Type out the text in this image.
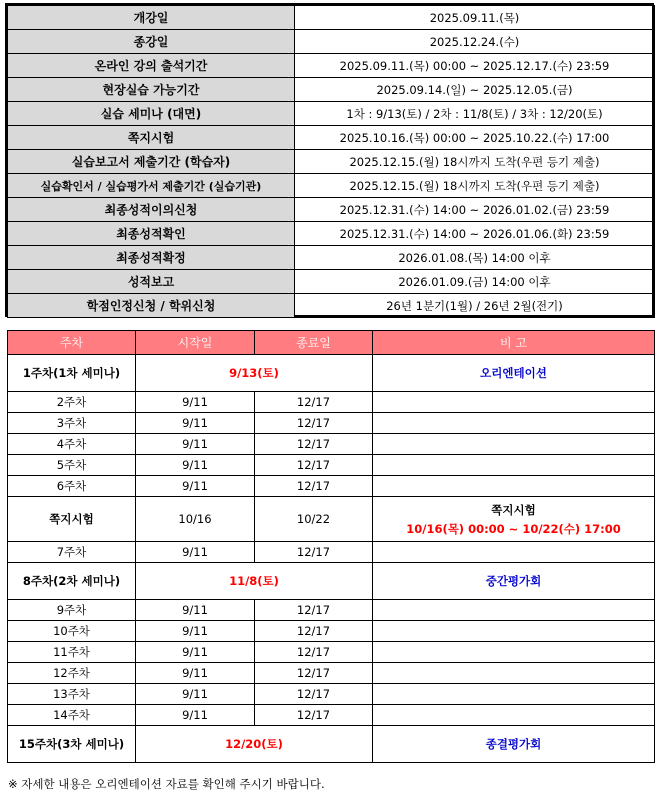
개강일	2025.09.11.(목)
종강일	2025.12.24.(수)
온라인 강의 출석기간	2025.09.11.(목) 00:00 ~ 2025.12.17.(수) 23:59
현장실습 가능기간	2025.09.14.(일) ~ 2025.12.05.(금)
실습 세미나 (대면)	1차 : 9/13(토) / 2차 : 11/8(토) / 3차 : 12/20(토)
쪽지시험	2025.10.16.(목) 00:00 ~ 2025.10.22.(수) 17:00
실습보고서 제출기간 (학습자)	2025.12.15.(월) 18시까지 도착(우편 등기 제출)
실습확인서 / 실습평가서 제출기간 (실습기관)	2025.12.15.(월) 18시까지 도착(우편 등기 제출)
최종성적이의신청	2025.12.31.(수) 14:00 ~ 2026.01.02.(금) 23:59
최종성적확인	2025.12.31.(수) 14:00 ~ 2026.01.06.(화) 23:59
최종성적확정	2026.01.08.(목) 14:00 이후
성적보고	2026.01.09.(금) 14:00 이후
학점인정신청 / 학위신청	26년 1분기(1월) / 26년 2월(전기)
주차	시작일	종료일	비 고
1주차(1차 세미나)	9/13(토)		오리엔테이션
2주차	9/11	12/17	
3주차	9/11	12/17	
4주차	9/11	12/17	
5주차	9/11	12/17	
6주차	9/11	12/17	
쪽지시험	10/16	10/22	쪽지시험
10/16(목) 00:00 ~ 10/22(수) 17:00

7주차	9/11	12/17	
8주차(2차 세미나)	11/8(토)		중간평가회
9주차	9/11	12/17	
10주차	9/11	12/17	
11주차	9/11	12/17	
12주차	9/11	12/17	
13주차	9/11	12/17	
14주차	9/11	12/17	
15주차(3차 세미나)	12/20(토)		종결평가회
※ 자세한 내용은 오리엔테이션 자료를 확인해 주시기 바랍니다.
